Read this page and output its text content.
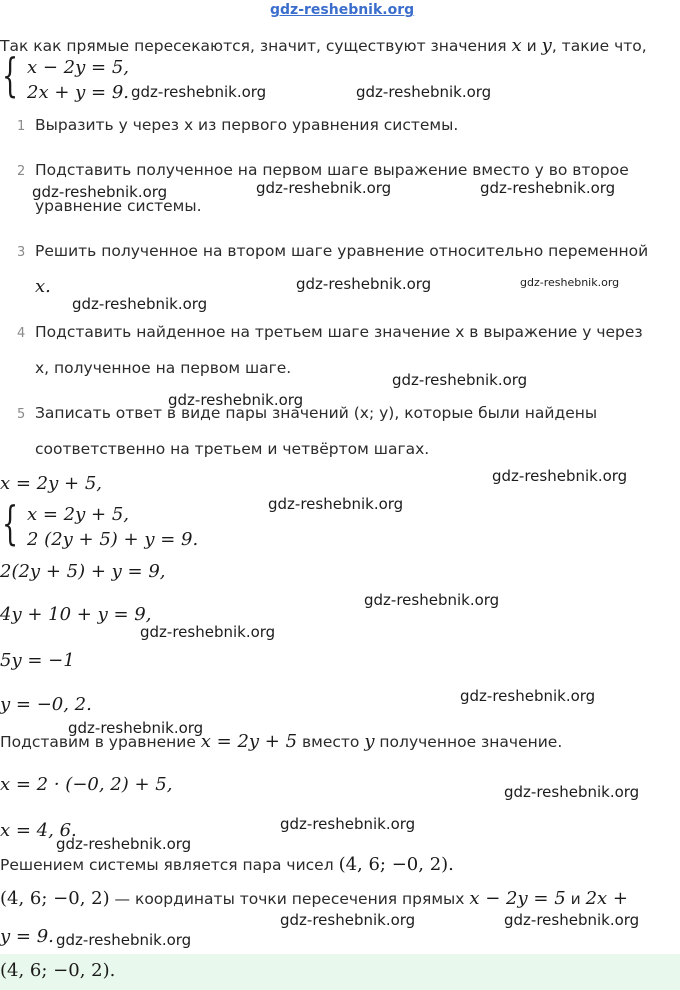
gdz-reshebnik.org
Так как прямые пересекаются, значит, существуют значения x и y, такие что,
{ x − 2y = 5,
2x + y = 9.
1 Выразить y через x из первого уравнения системы.
2 Подставить полученное на первом шаге выражение вместо y во второе
уравнение системы.
3 Решить полученное на втором шаге уравнение относительно переменной
x.
4 Подставить найденное на третьем шаге значение x в выражение y через
x, полученное на первом шаге.
5 Записать ответ в виде пары значений (x; y), которые были найдены
соответственно на третьем и четвёртом шагах.
x = 2y + 5,
{ x = 2y + 5,
2 (2y + 5) + y = 9.
2(2y + 5) + y = 9,
4y + 10 + y = 9,
5y = −1
y = −0, 2.
Подставим в уравнение x = 2y + 5 вместо y полученное значение.
x = 2 · (−0, 2) + 5,
x = 4, 6.
Решением системы является пара чисел (4, 6; −0, 2).
(4, 6; −0, 2) — координаты точки пересечения прямых x − 2y = 5 и 2x +
y = 9.
(4, 6; −0, 2).
gdz-reshebnik.org	gdz-reshebnik.org
gdz-reshebnik.org	gdz-reshebnik.org	gdz-reshebnik.org
gdz-reshebnik.org	gdz-reshebnik.org
gdz-reshebnik.org
gdz-reshebnik.org
gdz-reshebnik.org
gdz-reshebnik.org
gdz-reshebnik.org
gdz-reshebnik.org
gdz-reshebnik.org
gdz-reshebnik.org
gdz-reshebnik.org
gdz-reshebnik.org
gdz-reshebnik.org
gdz-reshebnik.org
gdz-reshebnik.org	gdz-reshebnik.org
gdz-reshebnik.org
